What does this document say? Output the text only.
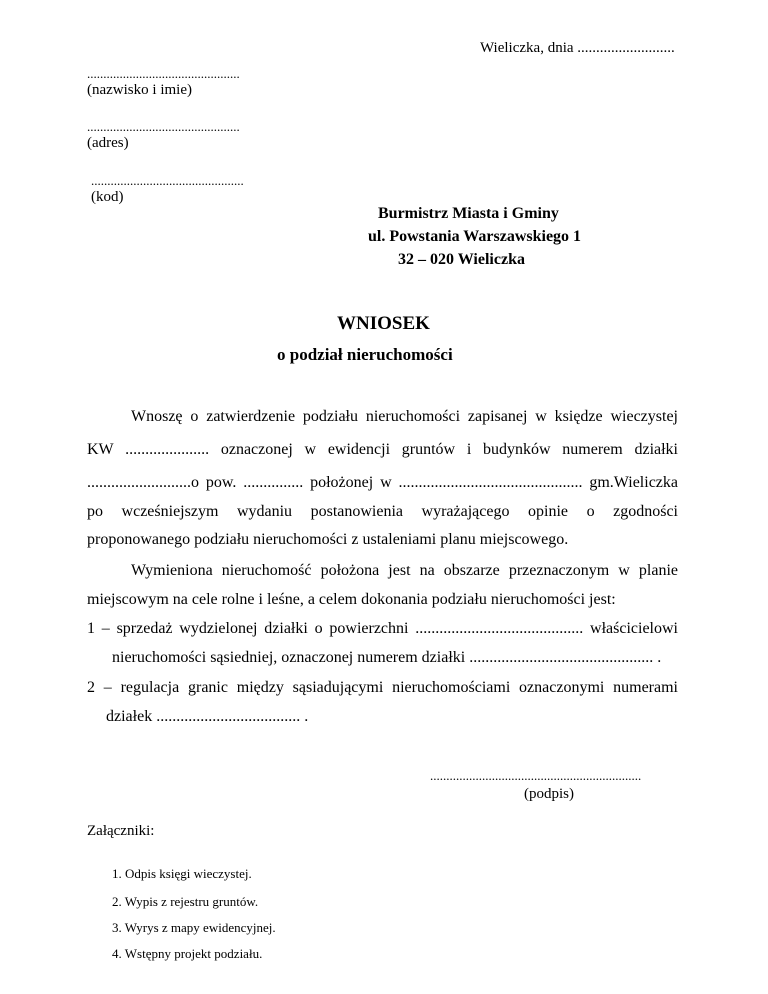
Wieliczka, dnia ..........................
...............................................
(nazwisko i imie)
...............................................
(adres)
...............................................
(kod)
Burmistrz Miasta i Gminy
ul. Powstania Warszawskiego 1
32 – 020 Wieliczka
WNIOSEK
o podział nieruchomości
Wnoszę o zatwierdzenie podziału nieruchomości zapisanej w księdze wieczystej
KW ..................... oznaczonej w ewidencji gruntów i budynków numerem działki
..........................o pow. ............... położonej w .............................................. gm.Wieliczka
po wcześniejszym wydaniu postanowienia wyrażającego opinie o zgodności
proponowanego podziału nieruchomości z ustaleniami planu miejscowego.
Wymieniona nieruchomość położona jest na obszarze przeznaczonym w planie
miejscowym na cele rolne i leśne, a celem dokonania podziału nieruchomości jest:
1 – sprzedaż wydzielonej działki o powierzchni .......................................... właścicielowi
nieruchomości sąsiedniej, oznaczonej numerem działki .............................................. .
2 – regulacja granic między sąsiadującymi nieruchomościami oznaczonymi numerami
działek .................................... .
.................................................................
(podpis)
Załączniki:
1. Odpis księgi wieczystej.
2. Wypis z rejestru gruntów.
3. Wyrys z mapy ewidencyjnej.
4. Wstępny projekt podziału.
